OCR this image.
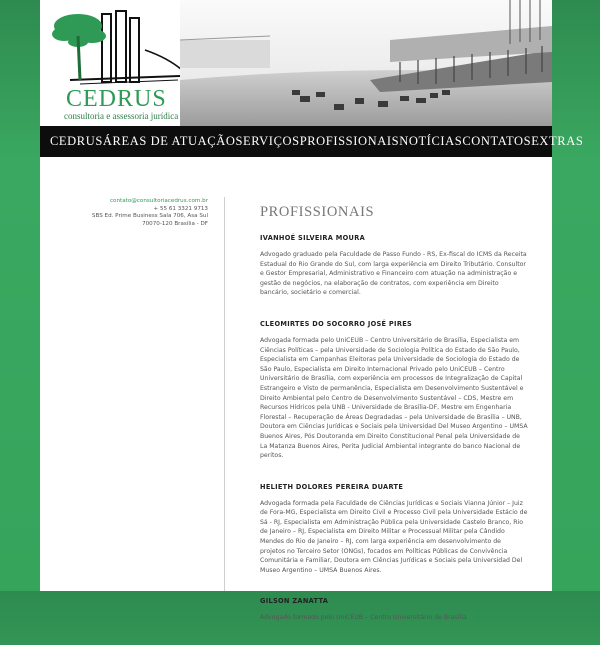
CEDRUS
consultoria e assessoria jurídica
CEDRUS ÁREAS DE ATUAÇÃO SERVIÇOS PROFISSIONAIS NOTÍCIAS CONTATOS EXTRAS
contato@consultoriacedrus.com.br
+ 55 61 3321 9713
SBS Ed. Prime Business Sala 706, Asa Sul
70070-120 Brasília - DF
PROFISSIONAIS
IVANHOÉ SILVEIRA MOURA

Advogado graduado pela Faculdade de Passo Fundo - RS, Ex-fiscal do ICMS da Receita Estadual do Rio Grande do Sul, com larga experiência em Direito Tributário. Consultor e Gestor Empresarial, Administrativo e Financeiro com atuação na administração e gestão de negócios, na elaboração de contratos, com experiência em Direito bancário, societário e comercial.

CLEOMIRTES DO SOCORRO JOSÉ PIRES

Advogada formada pelo UniCEUB – Centro Universitário de Brasília, Especialista em Ciências Políticas – pela Universidade de Sociologia Política do Estado de São Paulo, Especialista em Campanhas Eleitoras pela Universidade de Sociologia do Estado de São Paulo, Especialista em Direito Internacional Privado pelo UniCEUB – Centro Universitário de Brasília, com experiência em processos de Integralização de Capital Estrangeiro e Visto de permanência, Especialista em Desenvolvimento Sustentável e Direito Ambiental pelo Centro de Desenvolvimento Sustentável – CDS, Mestre em Recursos Hídricos pela UNB - Universidade de Brasília-DF, Mestre em Engenharia Florestal – Recuperação de Áreas Degradadas – pela Universidade de Brasília – UNB, Doutora em Ciências Jurídicas e Sociais pela Universidad Del Museo Argentino – UMSA Buenos Aires, Pós Doutoranda em Direito Constitucional Penal pela Universidade de La Matanza Buenos Aires, Perita Judicial Ambiental integrante do banco Nacional de peritos.

HELIETH DOLORES PEREIRA DUARTE

Advogada formada pela Faculdade de Ciências Jurídicas e Sociais Vianna Júnior – Juiz de Fora-MG, Especialista em Direito Civil e Processo Civil pela Universidade Estácio de Sá - RJ, Especialista em Administração Pública pela Universidade Castelo Branco, Rio de Janeiro – RJ, Especialista em Direito Militar e Processual Militar pela Cândido Mendes do Rio de Janeiro – RJ, com larga experiência em desenvolvimento de projetos no Terceiro Setor (ONGs), focados em Políticas Públicas de Convivência Comunitária e Familiar, Doutora em Ciências Jurídicas e Sociais pela Universidad Del Museo Argentino – UMSA Buenos Aires.

GILSON ZANATTA

Advogado formado pelo UniCEUB – Centro Universitário de Brasília
